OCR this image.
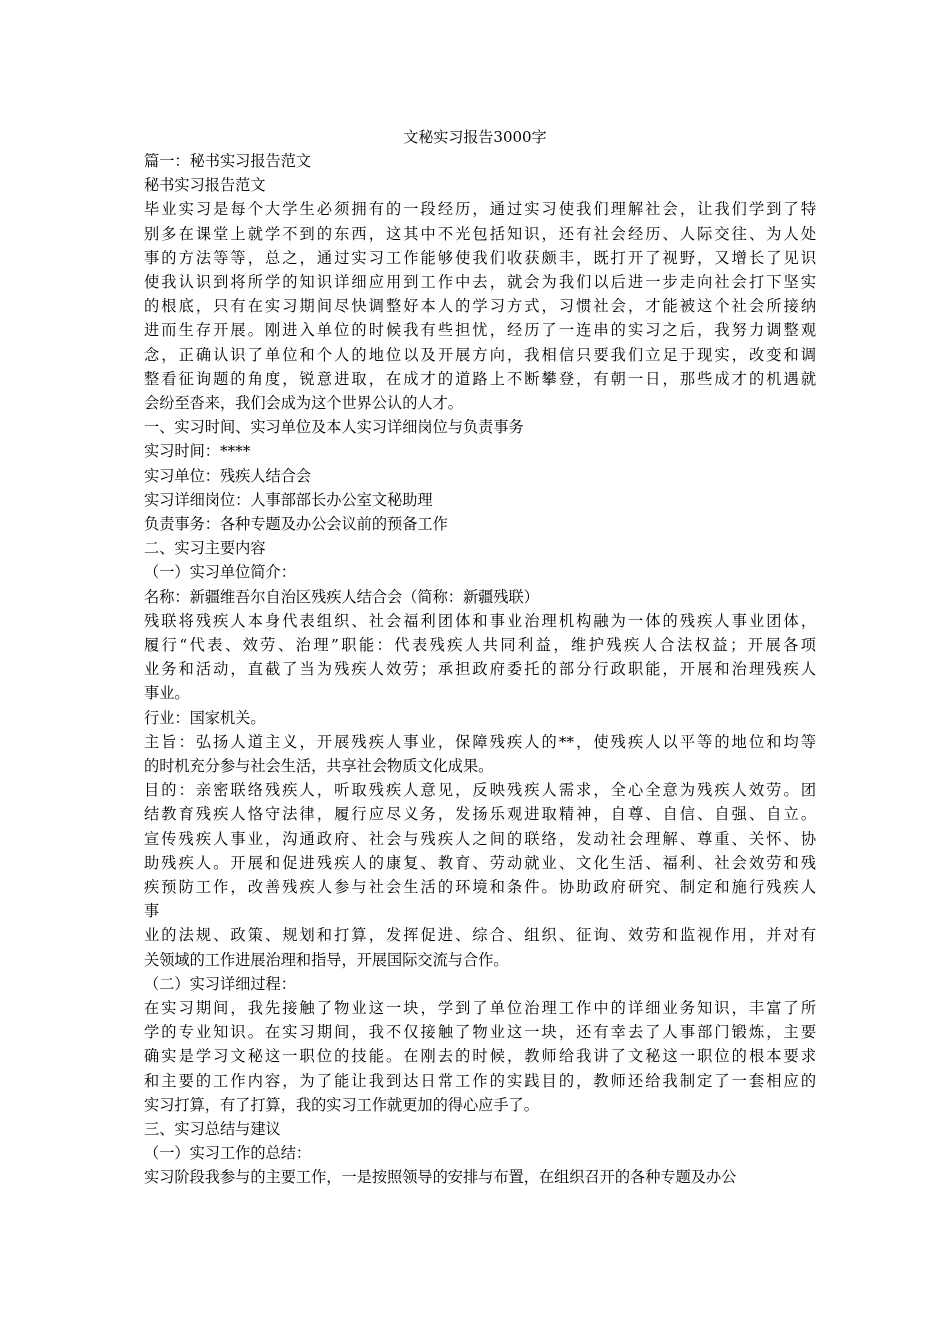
文秘实习报告3000字
篇一：秘书实习报告范文
秘书实习报告范文
毕业实习是每个大学生必须拥有的一段经历，通过实习使我们理解社会，让我们学到了特
别多在课堂上就学不到的东西，这其中不光包括知识，还有社会经历、人际交往、为人处
事的方法等等，总之，通过实习工作能够使我们收获颇丰，既打开了视野，又增长了见识
使我认识到将所学的知识详细应用到工作中去，就会为我们以后进一步走向社会打下坚实
的根底，只有在实习期间尽快调整好本人的学习方式，习惯社会，才能被这个社会所接纳
进而生存开展。刚进入单位的时候我有些担忧，经历了一连串的实习之后，我努力调整观
念，正确认识了单位和个人的地位以及开展方向，我相信只要我们立足于现实，改变和调
整看征询题的角度，锐意进取，在成才的道路上不断攀登，有朝一日，那些成才的机遇就
会纷至沓来，我们会成为这个世界公认的人才。
一、实习时间、实习单位及本人实习详细岗位与负责事务
实习时间：****
实习单位：残疾人结合会
实习详细岗位：人事部部长办公室文秘助理
负责事务：各种专题及办公会议前的预备工作
二、实习主要内容
（一）实习单位简介：
名称：新疆维吾尔自治区残疾人结合会（简称：新疆残联）
残联将残疾人本身代表组织、社会福利团体和事业治理机构融为一体的残疾人事业团体，
履行“代表、效劳、治理”职能：代表残疾人共同利益，维护残疾人合法权益；开展各项
业务和活动，直截了当为残疾人效劳；承担政府委托的部分行政职能，开展和治理残疾人
事业。
行业：国家机关。
主旨：弘扬人道主义，开展残疾人事业，保障残疾人的**，使残疾人以平等的地位和均等
的时机充分参与社会生活，共享社会物质文化成果。
目的：亲密联络残疾人，听取残疾人意见，反映残疾人需求，全心全意为残疾人效劳。团
结教育残疾人恪守法律，履行应尽义务，发扬乐观进取精神，自尊、自信、自强、自立。
宣传残疾人事业，沟通政府、社会与残疾人之间的联络，发动社会理解、尊重、关怀、协
助残疾人。开展和促进残疾人的康复、教育、劳动就业、文化生活、福利、社会效劳和残
疾预防工作，改善残疾人参与社会生活的环境和条件。协助政府研究、制定和施行残疾人
事
业的法规、政策、规划和打算，发挥促进、综合、组织、征询、效劳和监视作用，并对有
关领域的工作进展治理和指导，开展国际交流与合作。
（二）实习详细过程：
在实习期间，我先接触了物业这一块，学到了单位治理工作中的详细业务知识，丰富了所
学的专业知识。在实习期间，我不仅接触了物业这一块，还有幸去了人事部门锻炼，主要
确实是学习文秘这一职位的技能。在刚去的时候，教师给我讲了文秘这一职位的根本要求
和主要的工作内容，为了能让我到达日常工作的实践目的，教师还给我制定了一套相应的
实习打算，有了打算，我的实习工作就更加的得心应手了。
三、实习总结与建议
（一）实习工作的总结：
实习阶段我参与的主要工作，一是按照领导的安排与布置，在组织召开的各种专题及办公
